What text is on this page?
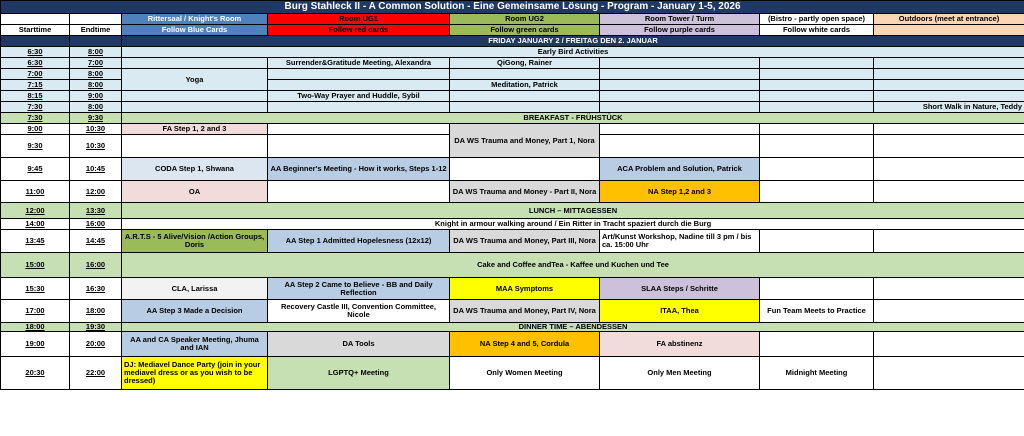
Burg Stahleck II - A Common Solution - Eine Gemeinsame Lösung - Program - January 1-5, 2026							
		Rittersaal / Knight's Room	Room UG1	Room UG2	Room Tower / Turm	(Bistro - partly open space)	Outdoors (meet at entrance)
Starttime	Endtime	Follow Blue Cards	Follow red cards	Follow green cards	Follow purple cards	Follow white cards	
		FRIDAY JANUARY 2 / FREITAG DEN 2. JANUAR					
6:30	8:00	Early Bird Activities					
6:30	7:00		Surrender&Gratitude Meeting, Alexandra	QiGong, Rainer			
7:00	8:00	Yoga					
7:15	8:00			Meditation, Patrick			
8:15	9:00		Two-Way Prayer and Huddle, Sybil				
7:30	8:00						Short Walk in Nature, Teddy
7:30	9:30	BREAKFAST - FRÜHSTÜCK					
9:00	10:30	FA Step 1, 2 and 3		DA WS Trauma and Money, Part 1, Nora			
9:30	10:30						
9:45	10:45	CODA Step 1, Shwana	AA Beginner's Meeting - How it works, Steps 1-12		ACA Problem and Solution, Patrick		
11:00	12:00	OA		DA WS Trauma and Money - Part II, Nora	NA Step 1,2 and 3		
12:00	13:30	LUNCH – MITTAGESSEN					
14:00	16:00	Knight in armour walking around / Ein Ritter in Tracht spaziert durch die Burg					
13:45	14:45	A.R.T.S - 5 Alive/Vision /Action Groups, Doris	AA Step 1 Admitted Hopelesness (12x12)	DA WS Trauma and Money, Part III, Nora	Art/Kunst Workshop, Nadine till 3 pm / bis ca. 15:00 Uhr		
15:00	16:00	Cake and Coffee andTea - Kaffee und Kuchen und Tee					
15:30	16:30	CLA, Larissa	AA Step 2 Came to Believe - BB and Daily Reflection	MAA Symptoms	SLAA Steps / Schritte		
17:00	18:00	AA Step 3 Made a Decision	Recovery Castle III, Convention Committee, Nicole	DA WS Trauma and Money, Part IV, Nora	ITAA, Thea	Fun Team Meets to Practice	
18:00	19:30	DINNER TIME – ABENDESSEN					
19:00	20:00	AA and CA Speaker Meeting, Jhuma and IAN	DA Tools	NA Step 4 and 5, Cordula	FA abstinenz		
20:30	22:00	DJ: Mediavel Dance Party (join in your mediavel dress or as you wish to be dressed)	LGPTQ+ Meeting	Only Women Meeting	Only Men Meeting	Midnight Meeting	
